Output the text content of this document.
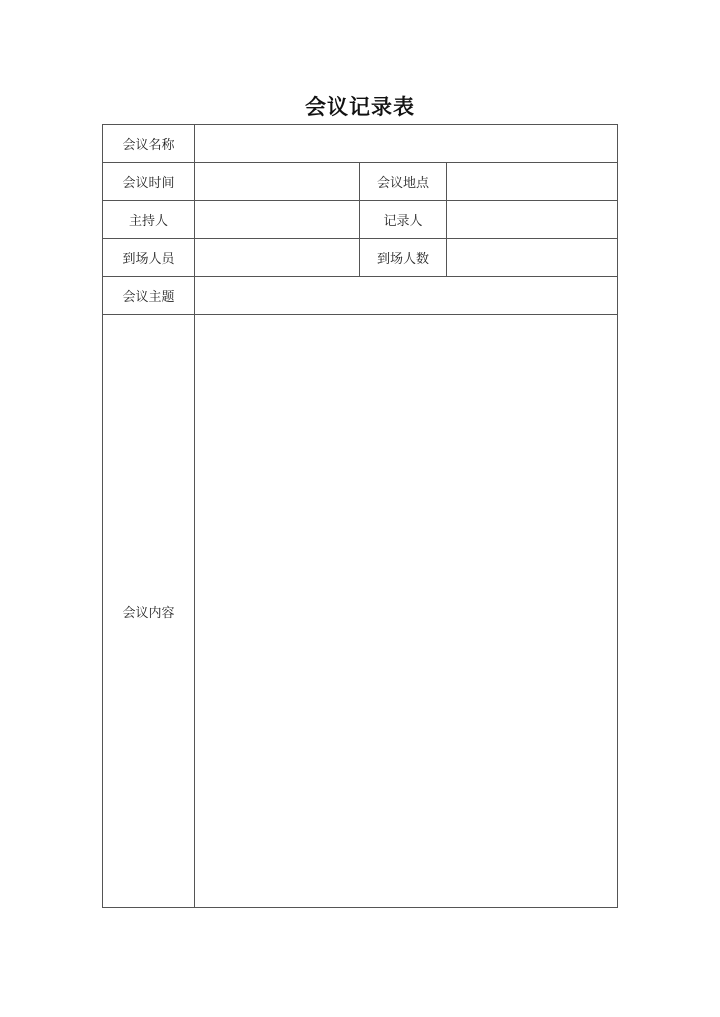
会议记录表
会议名称			
会议时间		会议地点	
主持人		记录人	
到场人员		到场人数	
会议主题			
会议内容			
